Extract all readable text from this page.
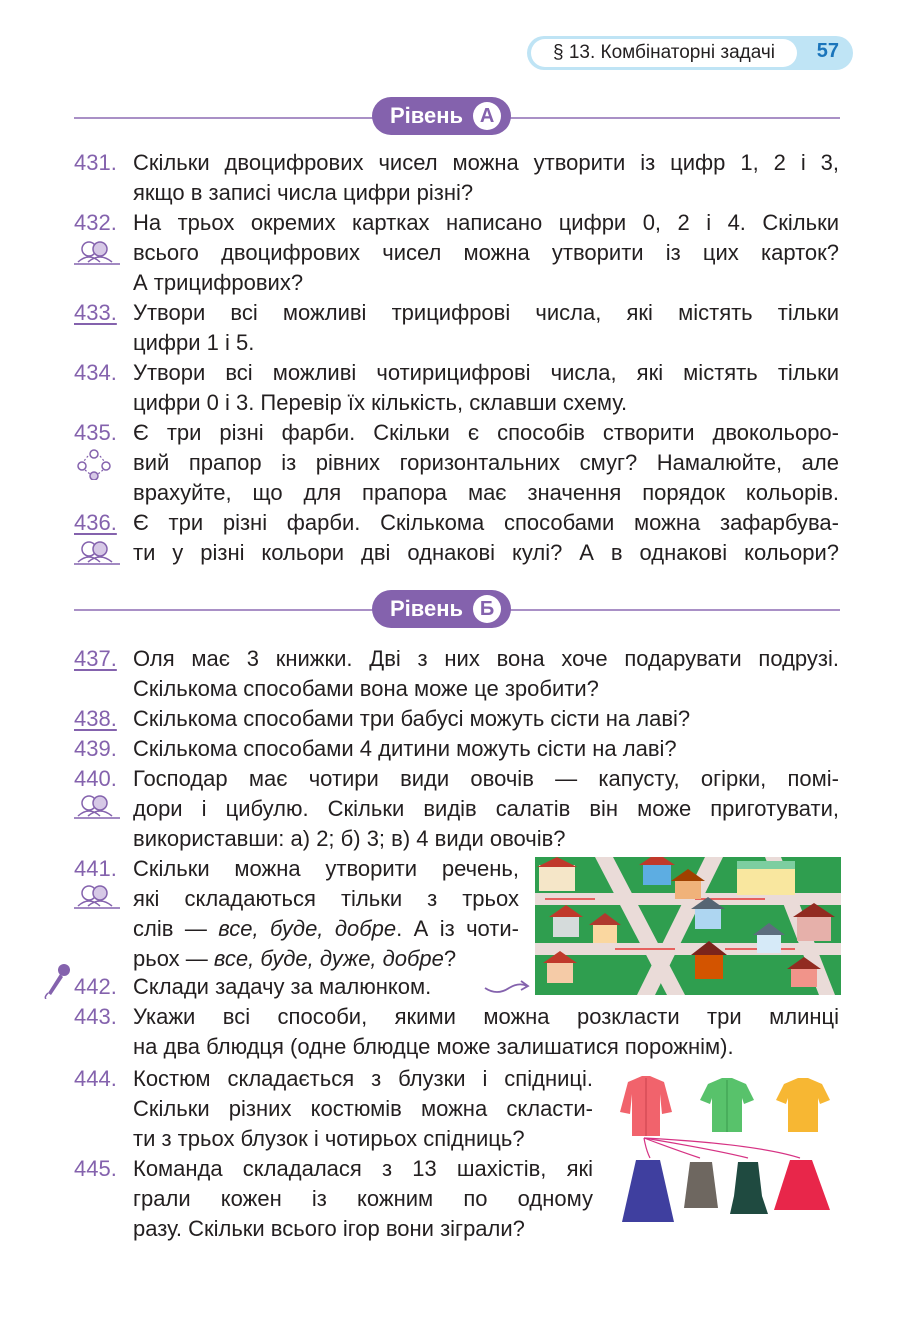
§ 13. Комбінаторні задачі	57
Рівень A
431. Скільки двоцифрових чисел можна утворити із цифр 1, 2 і 3,
якщо в записі числа цифри різні?
432. На трьох окремих картках написано цифри 0, 2 і 4. Скільки
всього двоцифрових чисел можна утворити із цих карток?
А трицифрових?
433. Утвори всі можливі трицифрові числа, які містять тільки
цифри 1 і 5.
434. Утвори всі можливі чотирицифрові числа, які містять тільки
цифри 0 і 3. Перевір їх кількість, склавши схему.
435. Є три різні фарби. Скільки є способів створити двокольоро-
вий прапор із рівних горизонтальних смуг? Намалюйте, але
врахуйте, що для прапора має значення порядок кольорів.
436. Є три різні фарби. Скількома способами можна зафарбува-
ти у різні кольори дві однакові кулі? А в однакові кольори?
Рівень Б
437. Оля має 3 книжки. Дві з них вона хоче подарувати подрузі.
Скількома способами вона може це зробити?
438. Скількома способами три бабусі можуть сісти на лаві?
439. Скількома способами 4 дитини можуть сісти на лаві?
440. Господар має чотири види овочів — капусту, огірки, помі-
дори і цибулю. Скільки видів салатів він може приготувати,
використавши: а) 2; б) 3; в) 4 види овочів?
441. Скільки можна утворити речень,
які складаються тільки з трьох
слів — все, буде, добре. А із чоти-
рьох — все, буде, дуже, добре?
442. Склади задачу за малюнком.
443. Укажи всі способи, якими можна розкласти три млинці
на два блюдця (одне блюдце може залишатися порожнім).
444. Костюм складається з блузки і спідниці.
Скільки різних костюмів можна скласти-
ти з трьох блузок і чотирьох спідниць?
445. Команда складалася з 13 шахістів, які
грали кожен із кожним по одному
разу. Скільки всього ігор вони зіграли?
